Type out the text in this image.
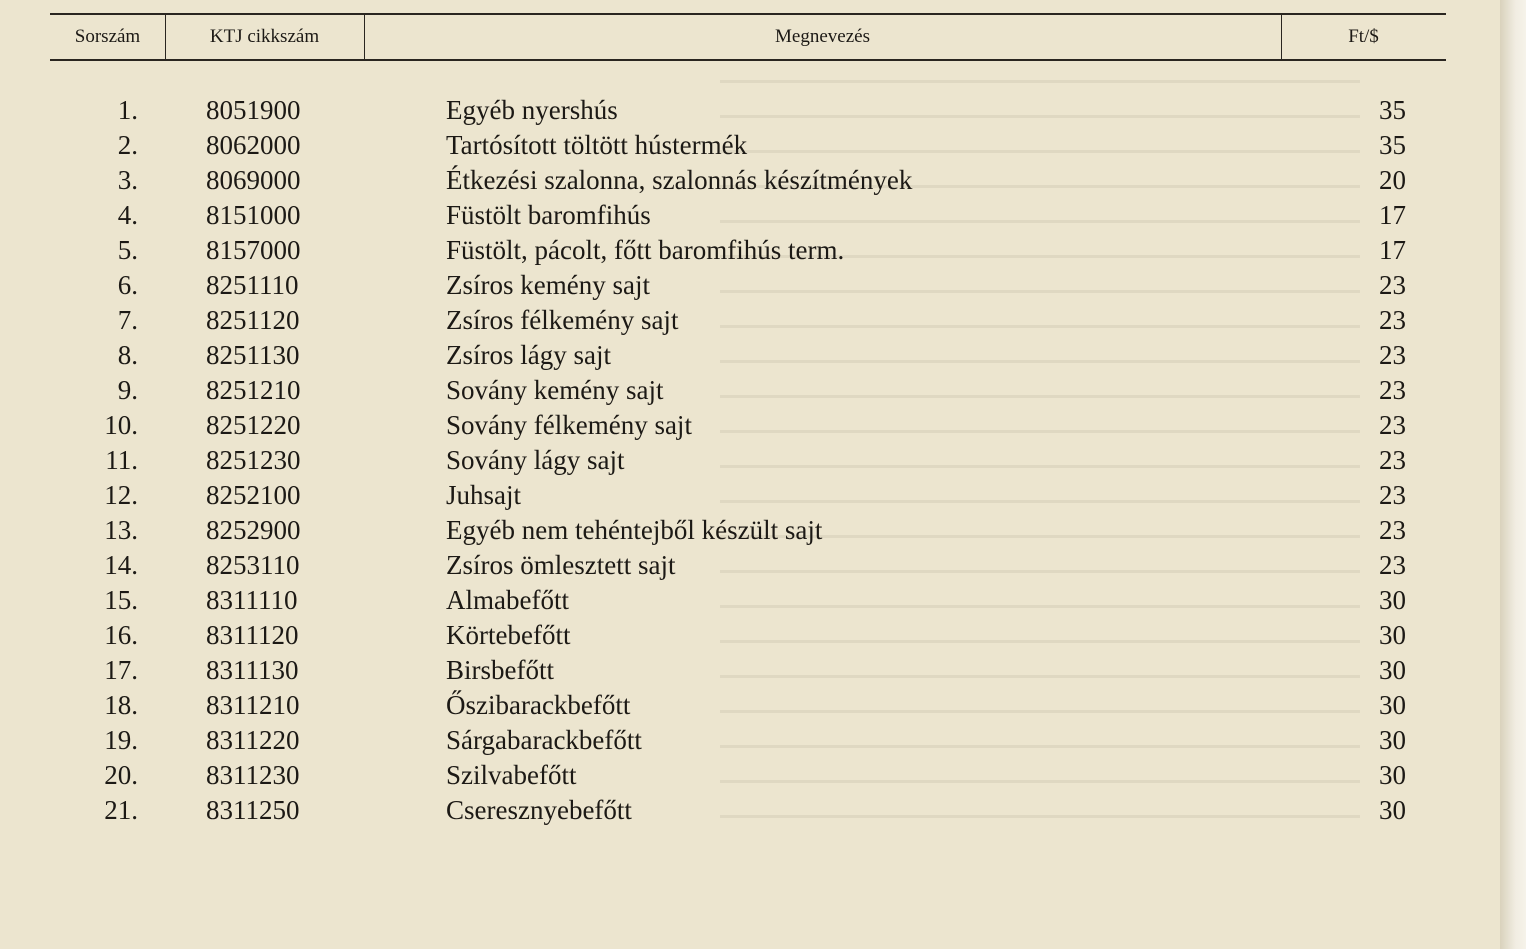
Sorszám	KTJ cikkszám	Megnevezés	Ft/$
1.	8051900	Egyéb nyershús	35
2.	8062000	Tartósított töltött hústermék	35
3.	8069000	Étkezési szalonna, szalonnás készítmények	20
4.	8151000	Füstölt baromfihús	17
5.	8157000	Füstölt, pácolt, főtt baromfihús term.	17
6.	8251110	Zsíros kemény sajt	23
7.	8251120	Zsíros félkemény sajt	23
8.	8251130	Zsíros lágy sajt	23
9.	8251210	Sovány kemény sajt	23
10.	8251220	Sovány félkemény sajt	23
11.	8251230	Sovány lágy sajt	23
12.	8252100	Juhsajt	23
13.	8252900	Egyéb nem tehéntejből készült sajt	23
14.	8253110	Zsíros ömlesztett sajt	23
15.	8311110	Almabefőtt	30
16.	8311120	Körtebefőtt	30
17.	8311130	Birsbefőtt	30
18.	8311210	Őszibarackbefőtt	30
19.	8311220	Sárgabarackbefőtt	30
20.	8311230	Szilvabefőtt	30
21.	8311250	Cseresznyebefőtt	30
